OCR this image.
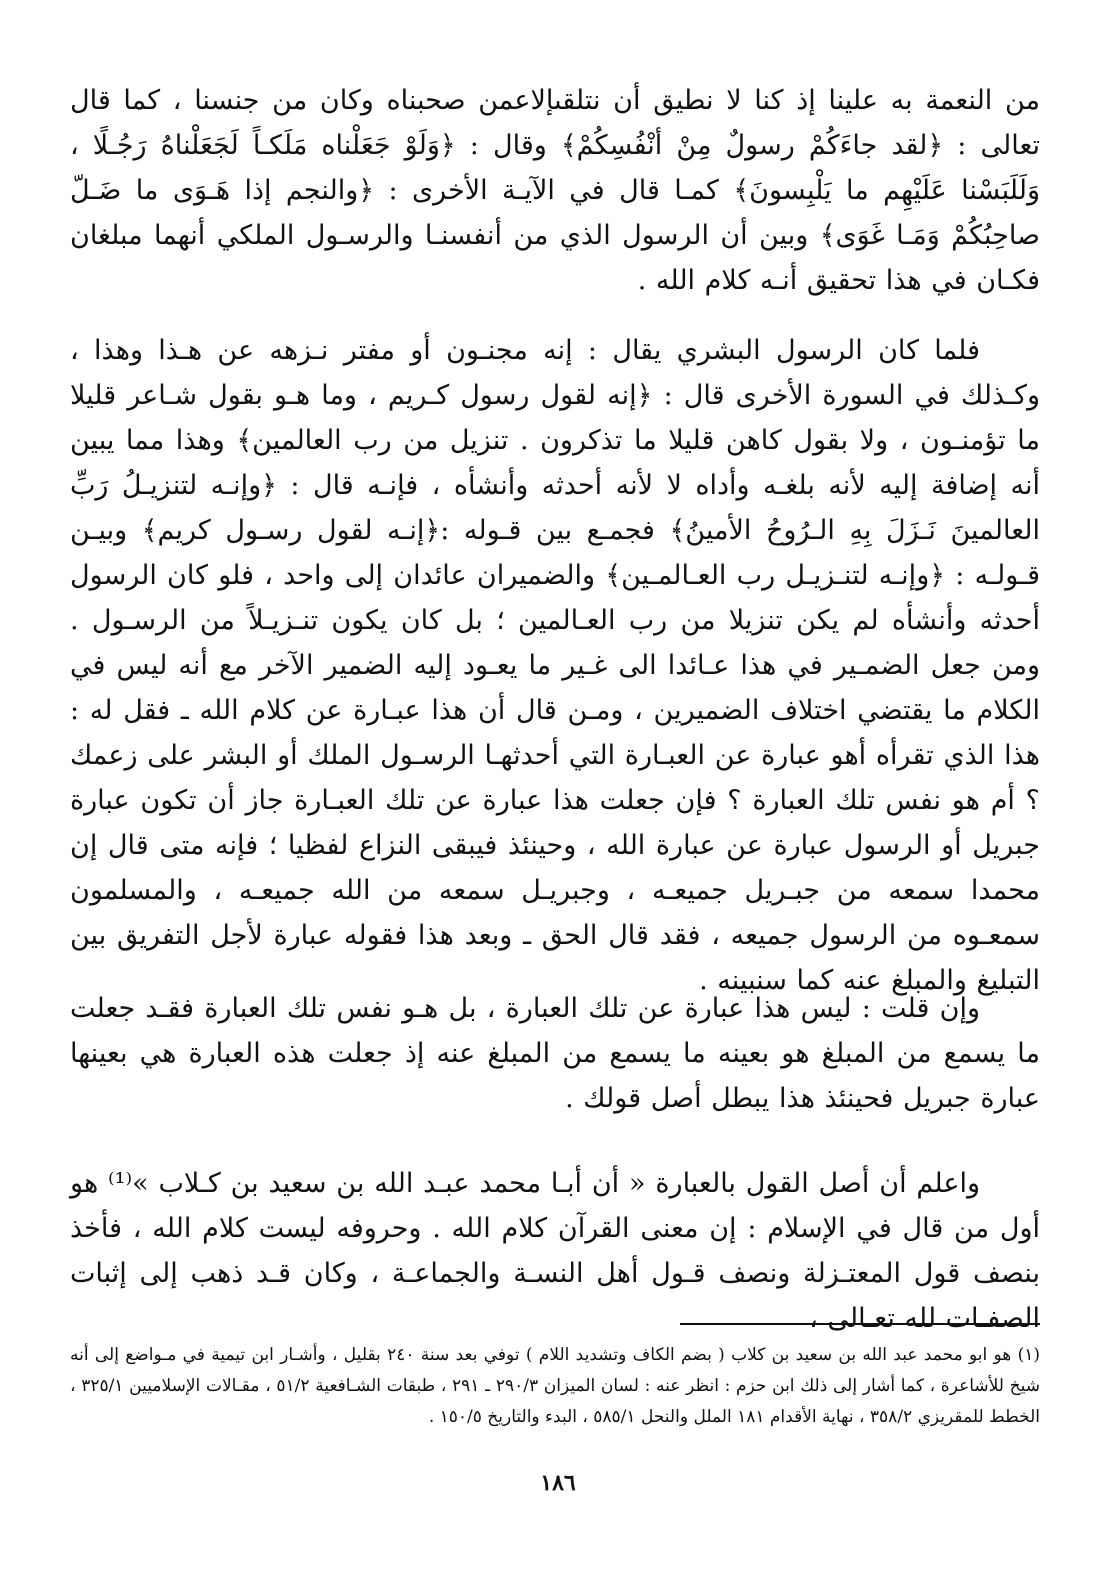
من النعمة به علينا إذ كنا لا نطيق أن نتلقىإلاعمن صحبناه وكان من جنسنا ، كما قال تعالى : ﴿لقد جاءَكُمْ رسولٌ مِنْ أنْفُسِكُمْ﴾ وقال : ﴿وَلَوْ جَعَلْناه مَلَكـاً لَجَعَلْناهُ رَجُـلًا ، وَلَلَبَسْنا عَلَيْهِم ما يَلْبِسونَ﴾ كمـا قال في الآيـة الأخرى : ﴿والنجم إذا هَـوَى ما ضَـلّ صاحِبُكُمْ وَمَـا غَوَى﴾ وبين أن الرسول الذي من أنفسنـا والرسـول الملكي أنهما مبلغان فكـان في هذا تحقيق أنـه كلام الله .

فلما كان الرسول البشري يقال : إنه مجنـون أو مفتر نـزهه عن هـذا وهذا ، وكـذلك في السورة الأخرى قال : ﴿إنه لقول رسول كـريم ، وما هـو بقول شـاعر قليلا ما تؤمنـون ، ولا بقول كاهن قليلا ما تذكرون . تنزيل من رب العالمين﴾ وهذا مما يبين أنه إضافة إليه لأنه بلغـه وأداه لا لأنه أحدثه وأنشأه ، فإنـه قال : ﴿وإنـه لتنزيـلُ رَبِّ العالمينَ نَـزَلَ بِهِ الـرُوحُ الأمينُ﴾ فجمـع بين قـوله :﴿إنـه لقول رسـول كريم﴾ وبيـن قـولـه : ﴿وإنـه لتنـزيـل رب العـالمـين﴾ والضميران عائدان إلى واحد ، فلو كان الرسول أحدثه وأنشأه لم يكن تنزيلا من رب العـالمين ؛ بل كان يكون تنـزيـلاً من الرسـول . ومن جعل الضمـير في هذا عـائدا الى غـير ما يعـود إليه الضمير الآخر مع أنه ليس في الكلام ما يقتضي اختلاف الضميرين ، ومـن قال أن هذا عبـارة عن كلام الله ـ فقل له : هذا الذي تقرأه أهو عبارة عن العبـارة التي أحدثهـا الرسـول الملك أو البشر على زعمك ؟ أم هو نفس تلك العبارة ؟ فإن جعلت هذا عبارة عن تلك العبـارة جاز أن تكون عبارة جبريل أو الرسول عبارة عن عبارة الله ، وحينئذ فيبقى النزاع لفظيا ؛ فإنه متى قال إن محمدا سمعه من جبـريل جميعـه ، وجبريـل سمعه من الله جميعـه ، والمسلمون سمعـوه من الرسول جميعه ، فقد قال الحق ـ وبعد هذا فقوله عبارة لأجل التفريق بين التبليغ والمبلغ عنه كما سنبينه .

وإن قلت : ليس هذا عبارة عن تلك العبارة ، بل هـو نفس تلك العبارة فقـد جعلت ما يسمع من المبلغ هو بعينه ما يسمع من المبلغ عنه إذ جعلت هذه العبارة هي بعينها عبارة جبريل فحينئذ هذا يبطل أصل قولك .

واعلم أن أصل القول بالعبارة « أن أبـا محمد عبـد الله بن سعيد بن كـلاب »⁽¹⁾ هو أول من قال في الإسلام : إن معنى القرآن كلام الله . وحروفه ليست كلام الله ، فأخذ بنصف قول المعتـزلة ونصف قـول أهل النسـة والجماعـة ، وكان قـد ذهب إلى إثبات الصفـات لله تعـالى ،

(١) هو ابو محمد عبد الله بن سعيد بن كلاب ( بضم الكاف وتشديد اللام ) توفي بعد سنة ٢٤٠ بقليل ، وأشـار ابن تيمية في مـواضع إلى أنه شيخ للأشاعرة ، كما أشار إلى ذلك ابن حزم : انظر عنه : لسان الميزان ٢٩٠/٣ ـ ٢٩١ ، طبقات الشـافعية ٥١/٢ ، مقـالات الإسلاميين ٣٢٥/١ ، الخطط للمقريزي ٣٥٨/٢ ، نهاية الأقدام ١٨١ الملل والنحل ٥٨٥/١ ، البدء والتاريخ ١٥٠/٥ .

١٨٦
